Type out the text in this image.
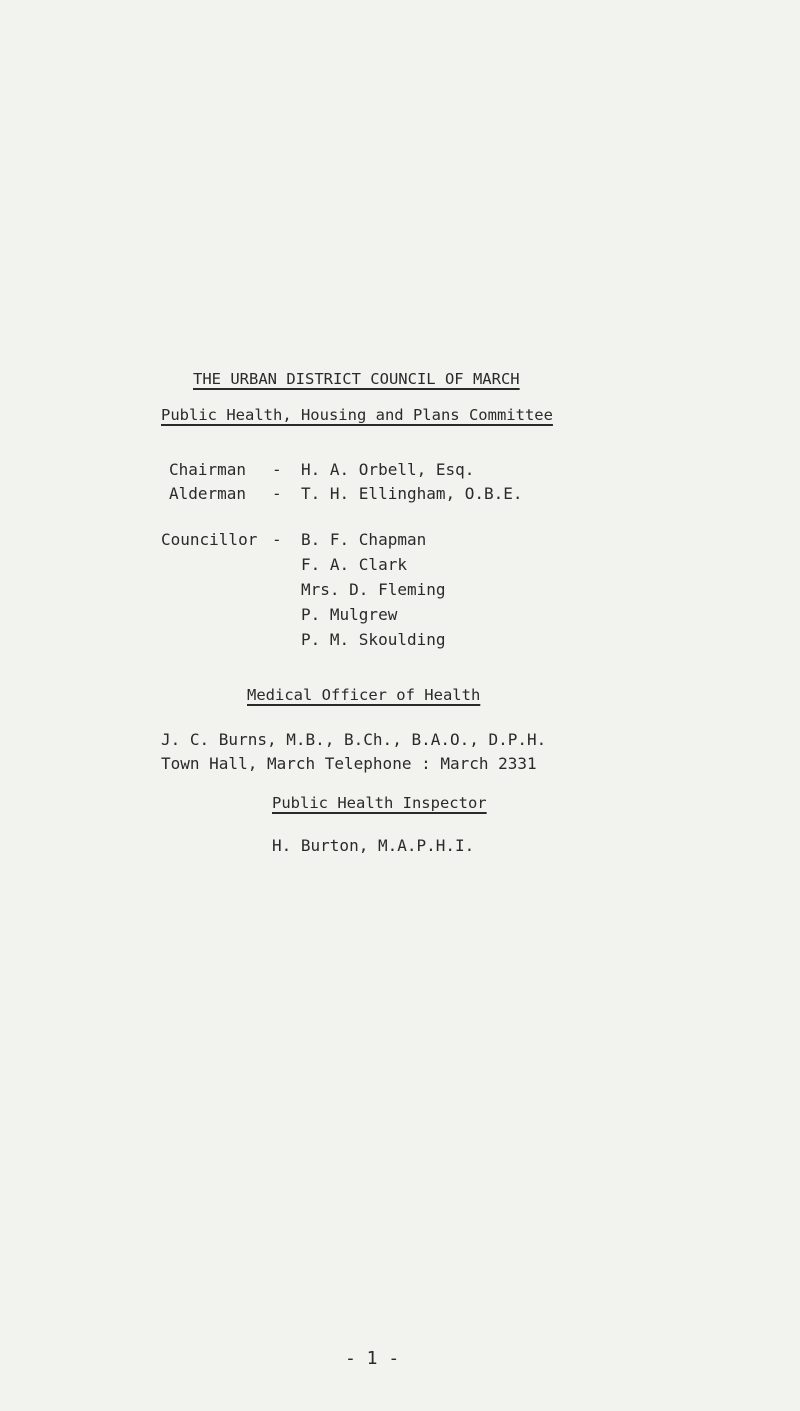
THE URBAN DISTRICT COUNCIL OF MARCH
Public Health, Housing and Plans Committee
Chairman - H. A. Orbell, Esq.
Alderman - T. H. Ellingham, O.B.E.
Councillor - B. F. Chapman
F. A. Clark
Mrs. D. Fleming
P. Mulgrew
P. M. Skoulding
Medical Officer of Health
J. C. Burns, M.B., B.Ch., B.A.O., D.P.H.
Town Hall, March Telephone : March 2331
Public Health Inspector
H. Burton, M.A.P.H.I.
- 1 -
